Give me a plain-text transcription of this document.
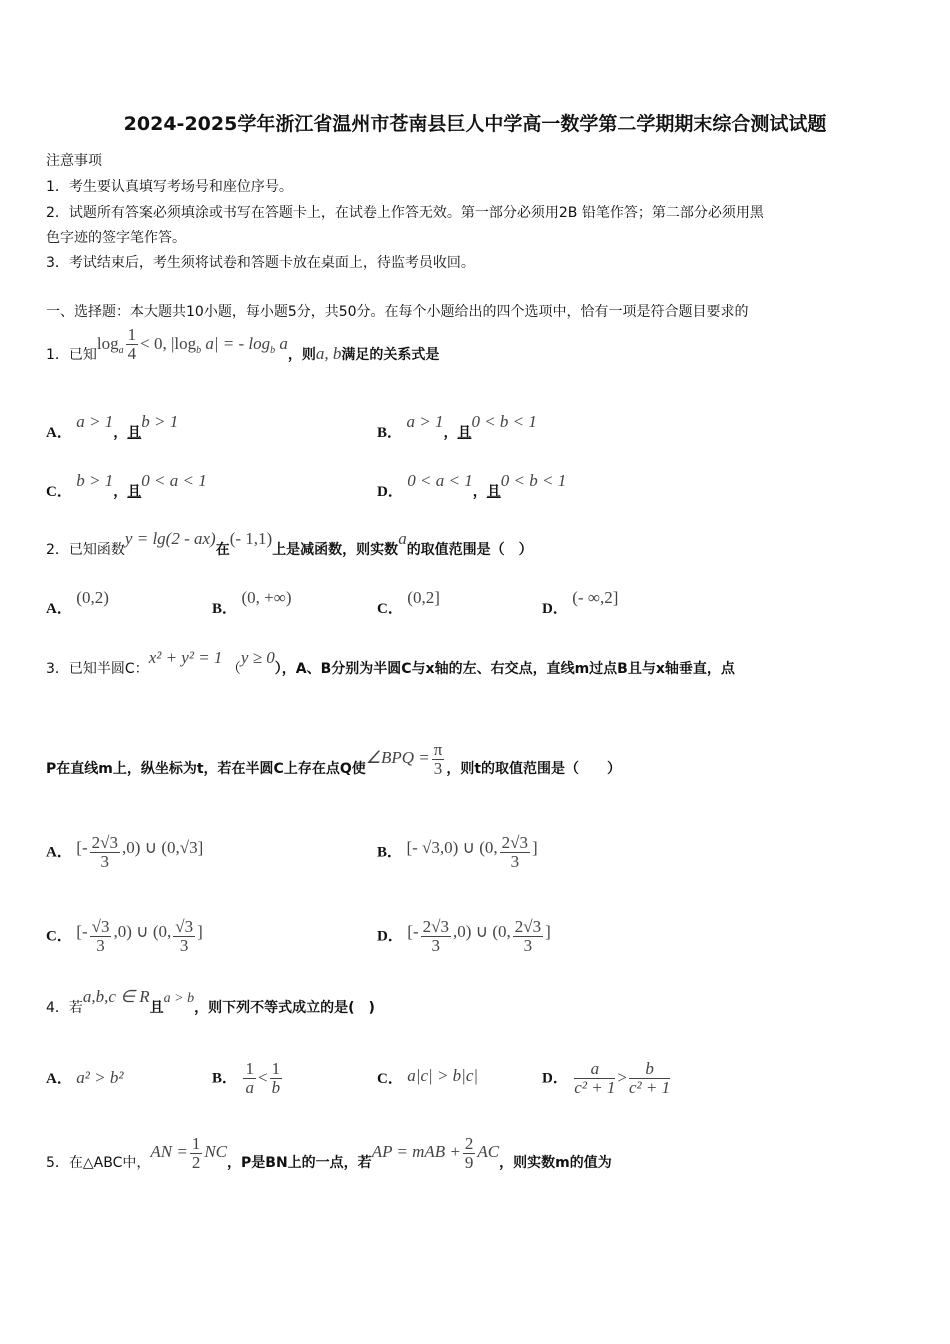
2024-2025学年浙江省温州市苍南县巨人中学高一数学第二学期期末综合测试试题
注意事项
1．考生要认真填写考场号和座位序号。
2．试题所有答案必须填涂或书写在答题卡上，在试卷上作答无效。第一部分必须用2B 铅笔作答；第二部分必须用黑
色字迹的签字笔作答。
3．考试结束后，考生须将试卷和答题卡放在桌面上，待监考员收回。
一、选择题：本大题共10小题，每小题5分，共50分。在每个小题给出的四个选项中，恰有一项是符合题目要求的
1．已知$\log_a \frac{1}{4} < 0$, $|\log_b$ a| = - $\log_b a$，则a, b满足的关系式是
A． a > 1，且b > 1
B． a > 1，且0 < b < 1
C． b > 1，且0 < a < 1
D． 0 < a < 1，且0 < b < 1
2．已知函数y = lg(2 - ax)在(- 1,1)上是减函数，则实数a的取值范围是（　）
A． (0,2)
B． (0, +∞)
C． (0,2]
D． (- ∞,2]
3．已知半圆C：x² + y² = 1 （y ≥ 0），A、B分别为半圆C与x轴的左、右交点，直线m过点B且与x轴垂直，点
P在直线m上，纵坐标为t，若在半圆C上存在点Q使∠BPQ = $\frac{\pi}{3}$ ，则t的取值范围是（　　）
A． [- $\frac{2√3}{3} ,0$) ∪ (0,√3]	B． [- √3,0) ∪ (0, $\frac{2√3}{3}$ ]
C． [- $\frac{√3}{3} ,0$) ∪ (0, $\frac{√3}{3}$ ]	D． [- $\frac{2√3}{3} ,0$) ∪ (0, $\frac{2√3}{3}$ ]
4．若a,b,c ∈ R且a > b，则下列不等式成立的是(　)
A． a² > b²	B． $\frac{1}{a} < \frac{1}{b}$	C． a|c| > b|c|	D． $\frac{a}{\text{c² + 1}} > \frac{b}{\text{c² + 1}}$
5．在△ABC中，AN = $\frac{1}{2}$ NC，P是BN上的一点，若AP = mAB + $\frac{2}{9}$ AC，则实数m的值为
